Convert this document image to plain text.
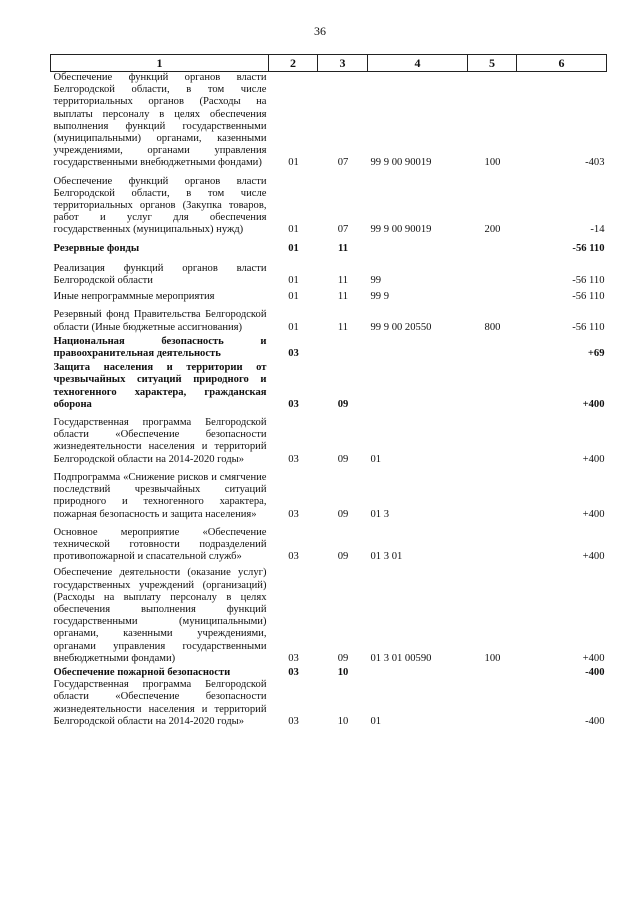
36
1	2	3	4	5	6
Обеспечение функций органов власти Белгородской области, в том числе территориальных органов (Расходы на выплаты персоналу в целях обеспечения выполнения функций государственными (муниципальными) органами, казенными учреждениями, органами управления государственными внебюджетными фондами)	01	07	99 9 00 90019	100	-403
Обеспечение функций органов власти Белгородской области, в том числе территориальных органов (Закупка товаров, работ и услуг для обеспечения государственных (муниципальных) нужд)	01	07	99 9 00 90019	200	-14
Резервные фонды	01	11			-56 110
Реализация функций органов власти Белгородской области	01	11	99		-56 110
Иные непрограммные мероприятия	01	11	99 9		-56 110
Резервный фонд Правительства Белгородской области (Иные бюджетные ассигнования)	01	11	99 9 00 20550	800	-56 110
Национальная безопасность и правоохранительная деятельность	03				+69
Защита населения и территории от чрезвычайных ситуаций природного и техногенного характера, гражданская оборона	03	09			+400
Государственная программа Белгородской области «Обеспечение безопасности жизнедеятельности населения и территорий Белгородской области на 2014-2020 годы»	03	09	01		+400
Подпрограмма «Снижение рисков и смягчение последствий чрезвычайных ситуаций природного и техногенного характера, пожарная безопасность и защита населения»	03	09	01 3		+400
Основное мероприятие «Обеспечение технической готовности подразделений противопожарной и спасательной служб»	03	09	01 3 01		+400
Обеспечение деятельности (оказание услуг) государственных учреждений (организаций) (Расходы на выплату персоналу в целях обеспечения выполнения функций государственными (муниципальными) органами, казенными учреждениями, органами управления государственными внебюджетными фондами)	03	09	01 3 01 00590	100	+400
Обеспечение пожарной безопасности	03	10			-400
Государственная программа Белгородской области «Обеспечение безопасности жизнедеятельности населения и территорий Белгородской области на 2014-2020 годы»	03	10	01		-400
